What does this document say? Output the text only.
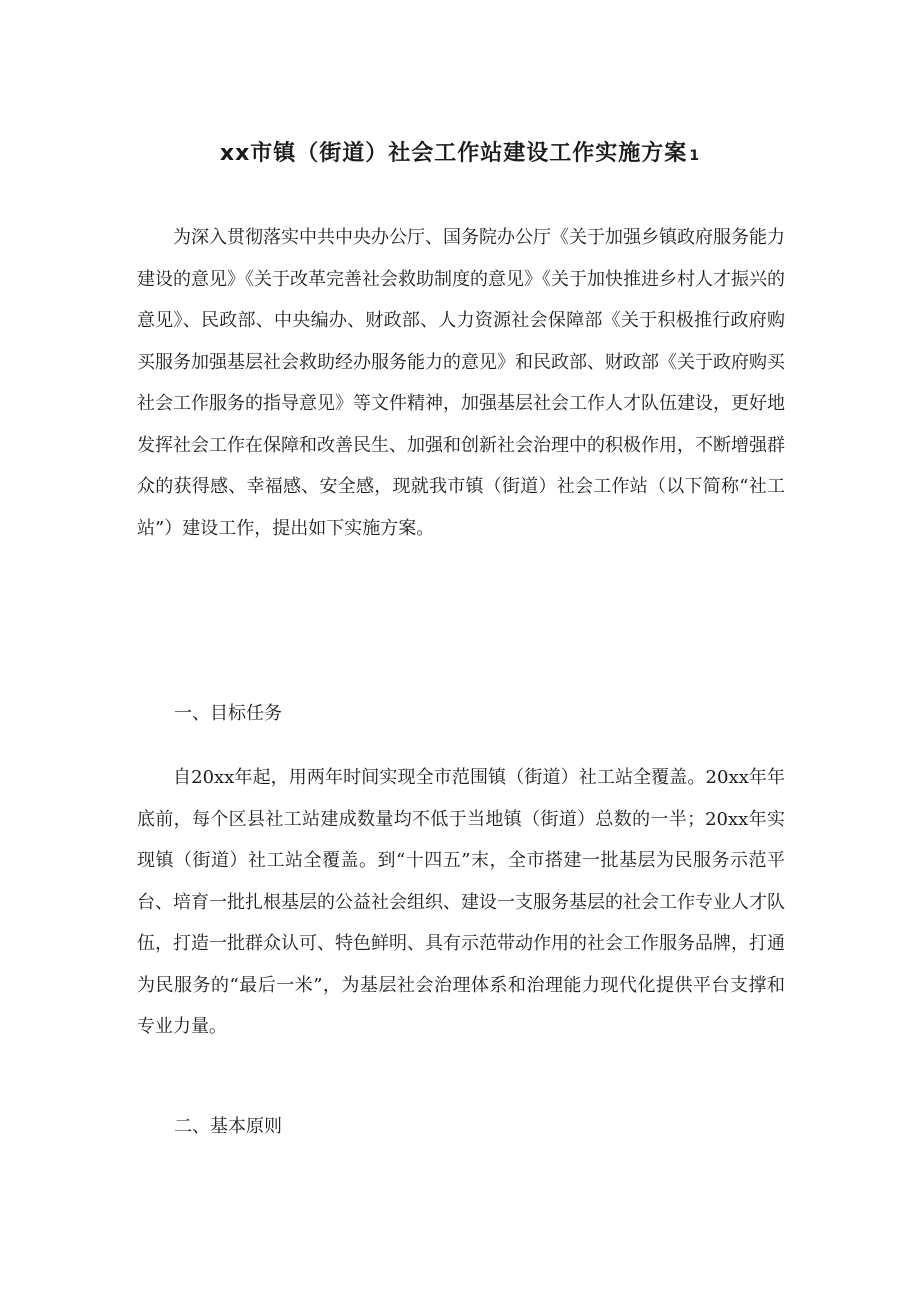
xx市镇（街道）社会工作站建设工作实施方案 1

为深入贯彻落实中共中央办公厅、国务院办公厅《关于加强乡镇政府服务能力建设的意见》《关于改革完善社会救助制度的意见》《关于加快推进乡村人才振兴的意见》、民政部、中央编办、财政部、人力资源社会保障部《关于积极推行政府购买服务加强基层社会救助经办服务能力的意见》和民政部、财政部《关于政府购买社会工作服务的指导意见》等文件精神，加强基层社会工作人才队伍建设，更好地发挥社会工作在保障和改善民生、加强和创新社会治理中的积极作用，不断增强群众的获得感、幸福感、安全感，现就我市镇（街道）社会工作站（以下简称“社工站”）建设工作，提出如下实施方案。

一、目标任务

自20xx年起，用两年时间实现全市范围镇（街道）社工站全覆盖。20xx年年底前，每个区县社工站建成数量均不低于当地镇（街道）总数的一半；20xx年实现镇（街道）社工站全覆盖。到“十四五”末，全市搭建一批基层为民服务示范平台、培育一批扎根基层的公益社会组织、建设一支服务基层的社会工作专业人才队伍，打造一批群众认可、特色鲜明、具有示范带动作用的社会工作服务品牌，打通为民服务的“最后一米”，为基层社会治理体系和治理能力现代化提供平台支撑和专业力量。

二、基本原则
